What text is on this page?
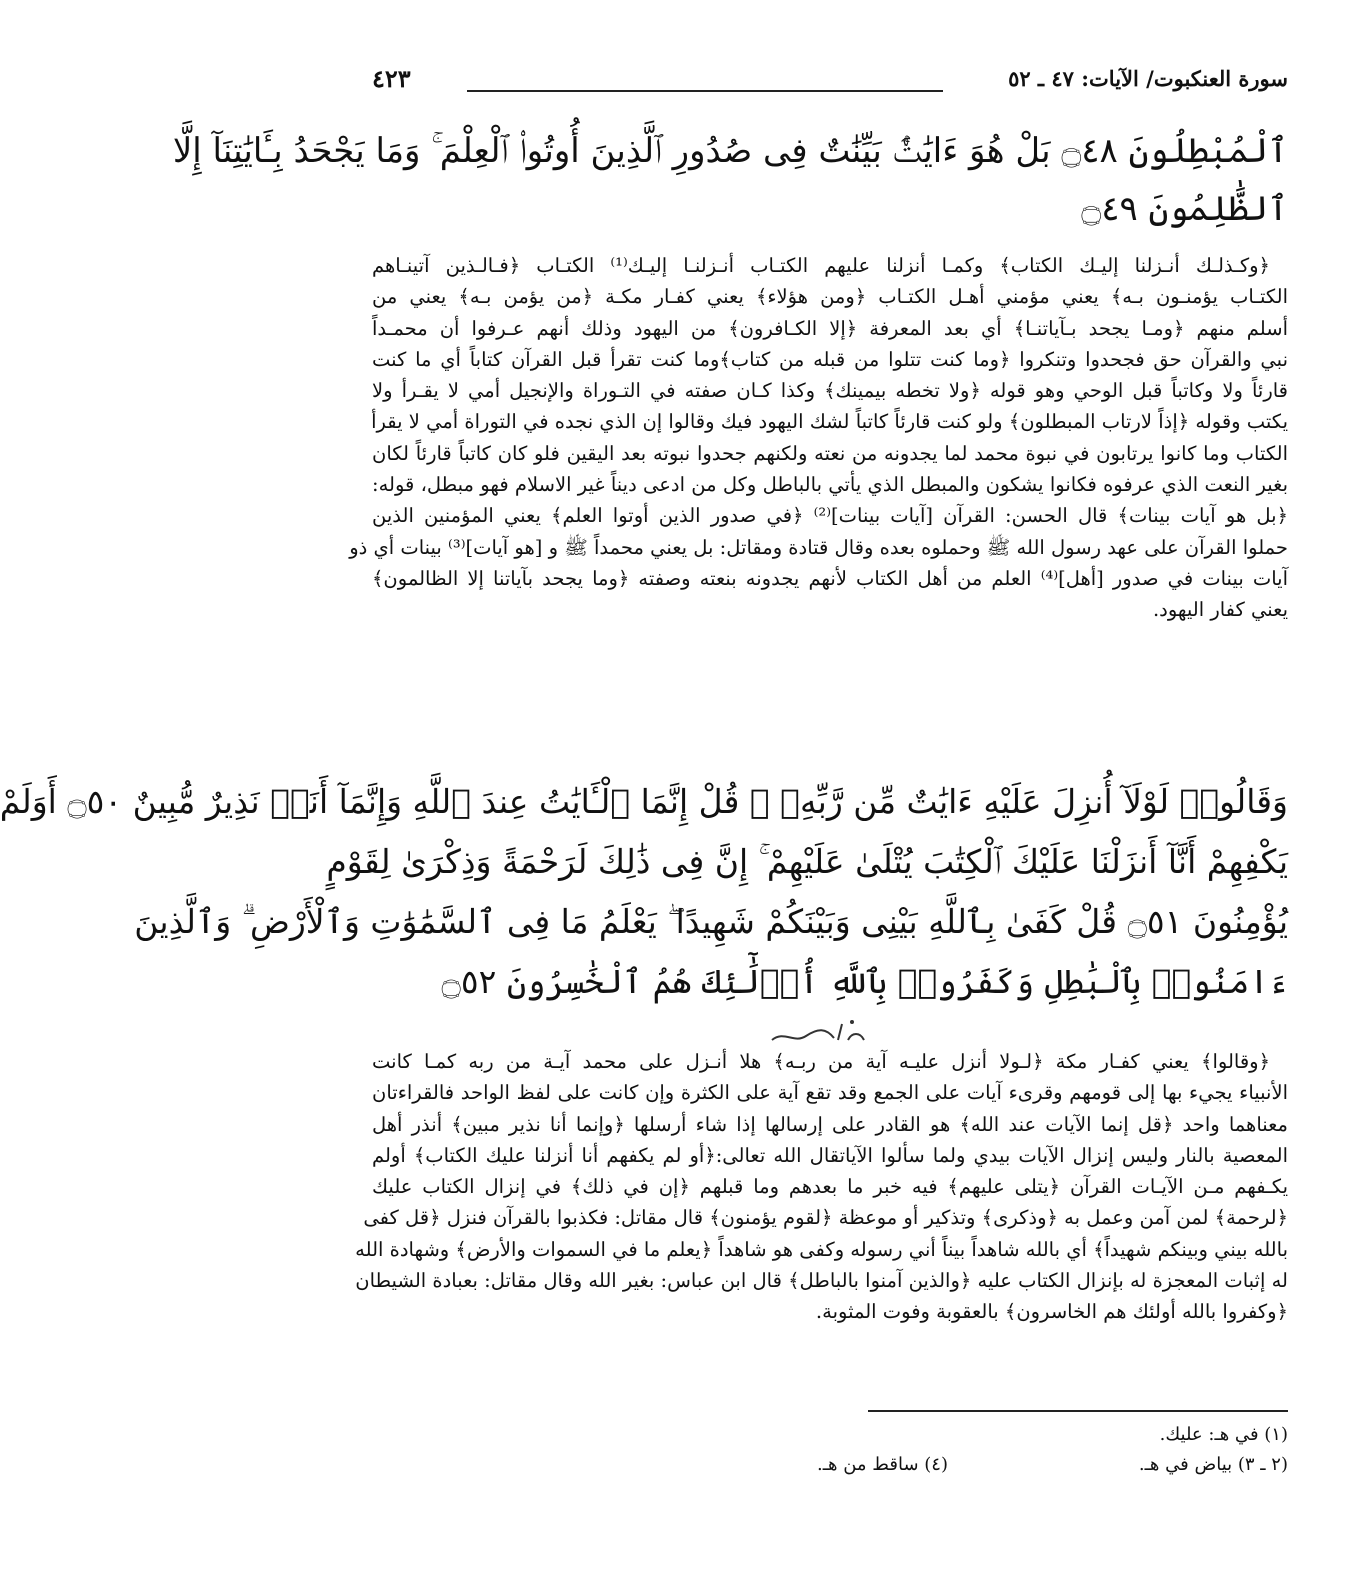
سورة العنكبوت/ الآيات: ٤٧ ـ ٥٢
٤٢٣
ٱلْمُبْطِلُونَ ۝٤٨ بَلْ هُوَ ءَايَٰتٌۢ بَيِّنَٰتٌ فِى صُدُورِ ٱلَّذِينَ أُوتُوا۟ ٱلْعِلْمَ ۚ وَمَا يَجْحَدُ بِـَٔايَٰتِنَآ إِلَّا
ٱلظَّٰلِمُونَ ۝٤٩
﴿وكـذلـك أنـزلنا إليـك الكتاب﴾ وكمـا أنزلنا عليهم الكتـاب أنـزلنـا إليـك⁽¹⁾ الكتـاب ﴿فـالـذين آتينـاهم
الكتـاب يؤمنـون بـه﴾ يعني مؤمني أهـل الكتـاب ﴿ومن هؤلاء﴾ يعني كفـار مكـة ﴿من يؤمن بـه﴾ يعني من
أسلم منهم ﴿ومـا يجحد بـآياتنـا﴾ أي بعد المعرفة ﴿إلا الكـافرون﴾ من اليهود وذلك أنهم عـرفوا أن محمـداً
نبي والقرآن حق فجحدوا وتنكروا ﴿وما كنت تتلوا من قبله من كتاب﴾وما كنت تقرأ قبل القرآن كتاباً أي ما كنت
قارئاً ولا وكاتباً قبل الوحي وهو قوله ﴿ولا تخطه بيمينك﴾ وكذا كـان صفته في التـوراة والإنجيل أمي لا يقـرأ ولا
يكتب وقوله ﴿إذاً لارتاب المبطلون﴾ ولو كنت قارئاً كاتباً لشك اليهود فيك وقالوا إن الذي نجده في التوراة أمي لا يقرأ
الكتاب وما كانوا يرتابون في نبوة محمد لما يجدونه من نعته ولكنهم جحدوا نبوته بعد اليقين فلو كان كاتباً قارئاً لكان
بغير النعت الذي عرفوه فكانوا يشكون والمبطل الذي يأتي بالباطل وكل من ادعى ديناً غير الاسلام فهو مبطل، قوله:
﴿بل هو آيات بينات﴾ قال الحسن: القرآن [آيات بينات]⁽²⁾ ﴿في صدور الذين أوتوا العلم﴾ يعني المؤمنين الذين
حملوا القرآن على عهد رسول الله ﷺ وحملوه بعده وقال قتادة ومقاتل: بل يعني محمداً ﷺ و [هو آيات]⁽³⁾ بينات أي ذو
آيات بينات في صدور [أهل]⁽⁴⁾ العلم من أهل الكتاب لأنهم يجدونه بنعته وصفته ﴿وما يجحد بآياتنا إلا الظالمون﴾
يعني كفار اليهود.
وَقَالُوا۟ لَوْلَآ أُنزِلَ عَلَيْهِ ءَايَٰتٌ مِّن رَّبِّهِۦ ۖ قُلْ إِنَّمَا ٱلْـَٔايَٰتُ عِندَ ٱللَّهِ وَإِنَّمَآ أَنَا۠ نَذِيرٌ مُّبِينٌ ۝٥٠ أَوَلَمْ
يَكْفِهِمْ أَنَّآ أَنزَلْنَا عَلَيْكَ ٱلْكِتَٰبَ يُتْلَىٰ عَلَيْهِمْ ۚ إِنَّ فِى ذَٰلِكَ لَرَحْمَةً وَذِكْرَىٰ لِقَوْمٍ
يُؤْمِنُونَ ۝٥١ قُلْ كَفَىٰ بِٱللَّهِ بَيْنِى وَبَيْنَكُمْ شَهِيدًا ۖ يَعْلَمُ مَا فِى ٱلسَّمَٰوَٰتِ وَٱلْأَرْضِ ۗ وَٱلَّذِينَ
ءَامَنُوا۟ بِٱلْبَٰطِلِ وَكَفَرُوا۟ بِٱللَّهِ أُو۟لَٰٓئِكَ هُمُ ٱلْخَٰسِرُونَ ۝٥٢
﴿وقالوا﴾ يعني كفـار مكة ﴿لـولا أنزل عليـه آية من ربـه﴾ هلا أنـزل على محمد آيـة من ربه كمـا كانت
الأنبياء يجيء بها إلى قومهم وقرىء آيات على الجمع وقد تقع آية على الكثرة وإن كانت على لفظ الواحد فالقراءتان
معناهما واحد ﴿قل إنما الآيات عند الله﴾ هو القادر على إرسالها إذا شاء أرسلها ﴿وإنما أنا نذير مبين﴾ أنذر أهل
المعصية بالنار وليس إنزال الآيات بيدي ولما سألوا الآياتقال الله تعالى:﴿أو لم يكفهم أنا أنزلنا عليك الكتاب﴾ أولم
يكـفهم مـن الآيـات القرآن ﴿يتلى عليهم﴾ فيه خبر ما بعدهم وما قبلهم ﴿إن في ذلك﴾ في إنزال الكتاب عليك
﴿لرحمة﴾ لمن آمن وعمل به ﴿وذكرى﴾ وتذكير أو موعظة ﴿لقوم يؤمنون﴾ قال مقاتل: فكذبوا بالقرآن فنزل ﴿قل كفى
بالله بيني وبينكم شهيداً﴾ أي بالله شاهداً بيناً أني رسوله وكفى هو شاهداً ﴿يعلم ما في السموات والأرض﴾ وشهادة الله
له إثبات المعجزة له بإنزال الكتاب عليه ﴿والذين آمنوا بالباطل﴾ قال ابن عباس: بغير الله وقال مقاتل: بعبادة الشيطان
﴿وكفروا بالله أولئك هم الخاسرون﴾ بالعقوبة وفوت المثوبة.
(١) في هـ: عليك.
(٢ ـ ٣) بياض في هـ.
(٤) ساقط من هـ.
